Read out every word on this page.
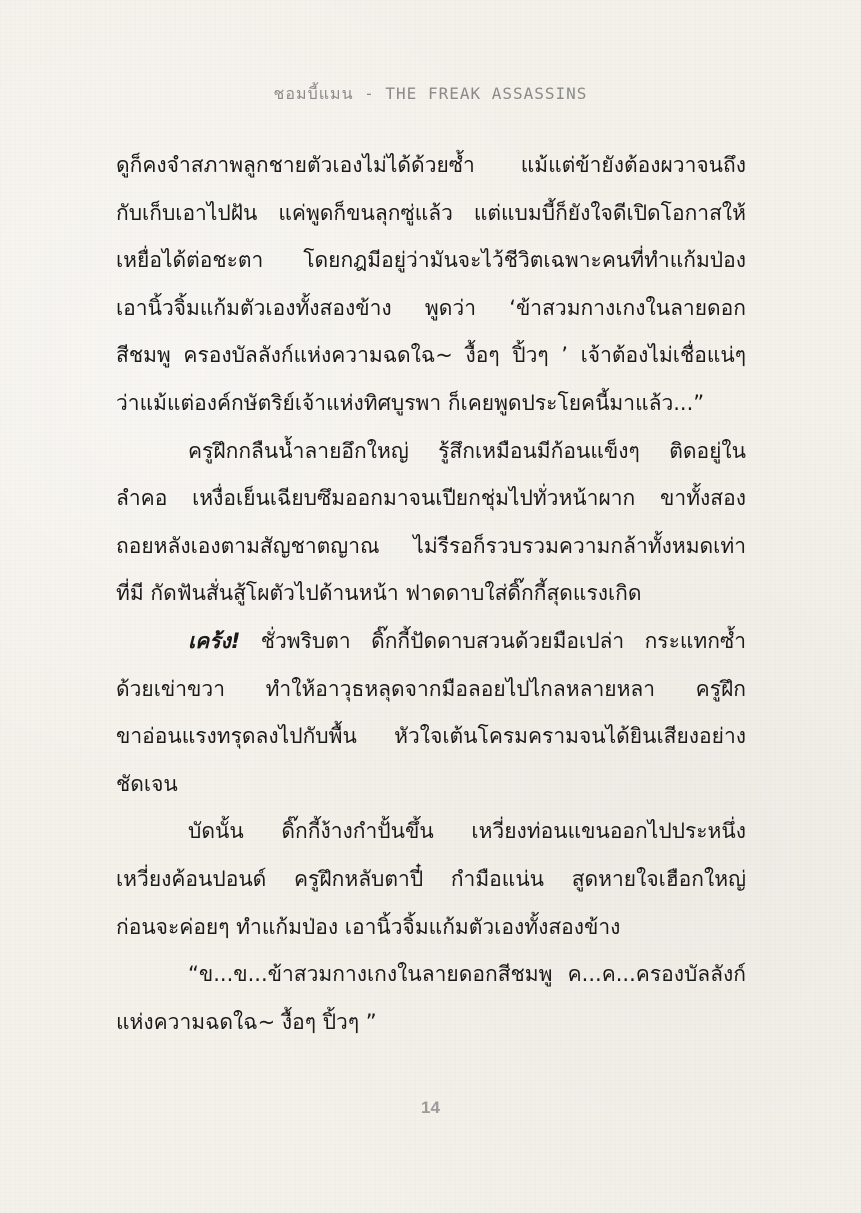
ชอมบี้แมน - THE FREAK ASSASSINS
ดูก็คงจำสภาพลูกชายตัวเองไม่ได้ด้วยซ้ำ แม้แต่ข้ายังต้องผวาจนถึง
กับเก็บเอาไปฝัน แค่พูดก็ขนลุกซู่แล้ว แต่แบมบี้ก็ยังใจดีเปิดโอกาสให้
เหยื่อได้ต่อชะตา โดยกฎมีอยู่ว่ามันจะไว้ชีวิตเฉพาะคนที่ทำแก้มป่อง
เอานิ้วจิ้มแก้มตัวเองทั้งสองข้าง พูดว่า ‘ข้าสวมกางเกงในลายดอก
สีชมพู ครองบัลลังก์แห่งความฉดใฉ~ งื้อๆ ปิ้วๆ ’ เจ้าต้องไม่เชื่อแน่ๆ
ว่าแม้แต่องค์กษัตริย์เจ้าแห่งทิศบูรพา ก็เคยพูดประโยคนี้มาแล้ว...”
ครูฝึกกลืนน้ำลายอึกใหญ่ รู้สึกเหมือนมีก้อนแข็งๆ ติดอยู่ใน
ลำคอ เหงื่อเย็นเฉียบซึมออกมาจนเปียกชุ่มไปทั่วหน้าผาก ขาทั้งสอง
ถอยหลังเองตามสัญชาตญาณ ไม่รีรอก็รวบรวมความกล้าทั้งหมดเท่า
ที่มี กัดฟันสั่นสู้โผตัวไปด้านหน้า ฟาดดาบใส่ดิ๊กกี้สุดแรงเกิด
เคร้ง! ชั่วพริบตา ดิ๊กกี้ปัดดาบสวนด้วยมือเปล่า กระแทกซ้ำ
ด้วยเข่าขวา ทำให้อาวุธหลุดจากมือลอยไปไกลหลายหลา ครูฝึก
ขาอ่อนแรงทรุดลงไปกับพื้น หัวใจเต้นโครมครามจนได้ยินเสียงอย่าง
ชัดเจน
บัดนั้น ดิ๊กกี้ง้างกำปั้นขึ้น เหวี่ยงท่อนแขนออกไปประหนึ่ง
เหวี่ยงค้อนปอนด์ ครูฝึกหลับตาปี๋ กำมือแน่น สูดหายใจเฮือกใหญ่
ก่อนจะค่อยๆ ทำแก้มป่อง เอานิ้วจิ้มแก้มตัวเองทั้งสองข้าง
“ข...ข...ข้าสวมกางเกงในลายดอกสีชมพู ค...ค...ครองบัลลังก์
แห่งความฉดใฉ~ งื้อๆ ปิ้วๆ ”
14
